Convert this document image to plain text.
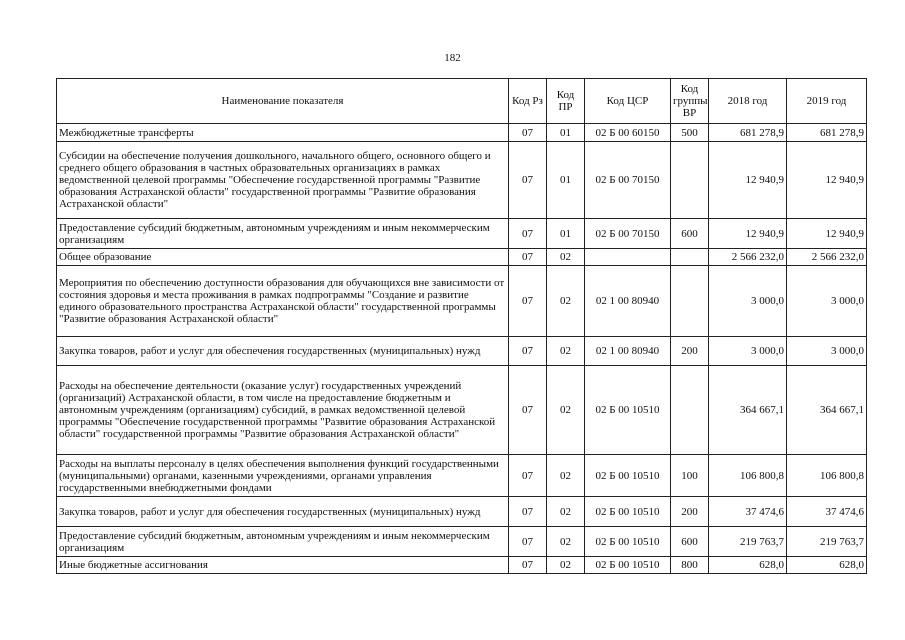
182
Наименование показателя	Код Рз	Код ПР	Код ЦСР	Код группы ВР	2018 год	2019 год
Межбюджетные трансферты	07	01	02 Б 00 60150	500	681 278,9	681 278,9
Субсидии на обеспечение получения дошкольного, начального общего, основного общего и среднего общего образования в частных образовательных организациях в рамках ведомственной целевой программы "Обеспечение государственной программы "Развитие образования Астраханской области" государственной программы "Развитие образования Астраханской области"	07	01	02 Б 00 70150		12 940,9	12 940,9
Предоставление субсидий бюджетным, автономным учреждениям и иным некоммерческим организациям	07	01	02 Б 00 70150	600	12 940,9	12 940,9
Общее образование	07	02			2 566 232,0	2 566 232,0
Мероприятия по обеспечению доступности образования для обучающихся вне зависимости от состояния здоровья и места проживания в рамках подпрограммы "Создание и развитие единого образовательного пространства Астраханской области" государственной программы "Развитие образования Астраханской области"	07	02	02 1 00 80940		3 000,0	3 000,0
Закупка товаров, работ и услуг для обеспечения государственных (муниципальных) нужд	07	02	02 1 00 80940	200	3 000,0	3 000,0
Расходы на обеспечение деятельности (оказание услуг) государственных учреждений (организаций) Астраханской области, в том числе на предоставление бюджетным и автономным учреждениям (организациям) субсидий, в рамках ведомственной целевой программы "Обеспечение государственной программы "Развитие образования Астраханской области" государственной программы "Развитие образования Астраханской области"	07	02	02 Б 00 10510		364 667,1	364 667,1
Расходы на выплаты персоналу в целях обеспечения выполнения функций государственными (муниципальными) органами, казенными учреждениями, органами управления государственными внебюджетными фондами	07	02	02 Б 00 10510	100	106 800,8	106 800,8
Закупка товаров, работ и услуг для обеспечения государственных (муниципальных) нужд	07	02	02 Б 00 10510	200	37 474,6	37 474,6
Предоставление субсидий бюджетным, автономным учреждениям и иным некоммерческим организациям	07	02	02 Б 00 10510	600	219 763,7	219 763,7
Иные бюджетные ассигнования	07	02	02 Б 00 10510	800	628,0	628,0
